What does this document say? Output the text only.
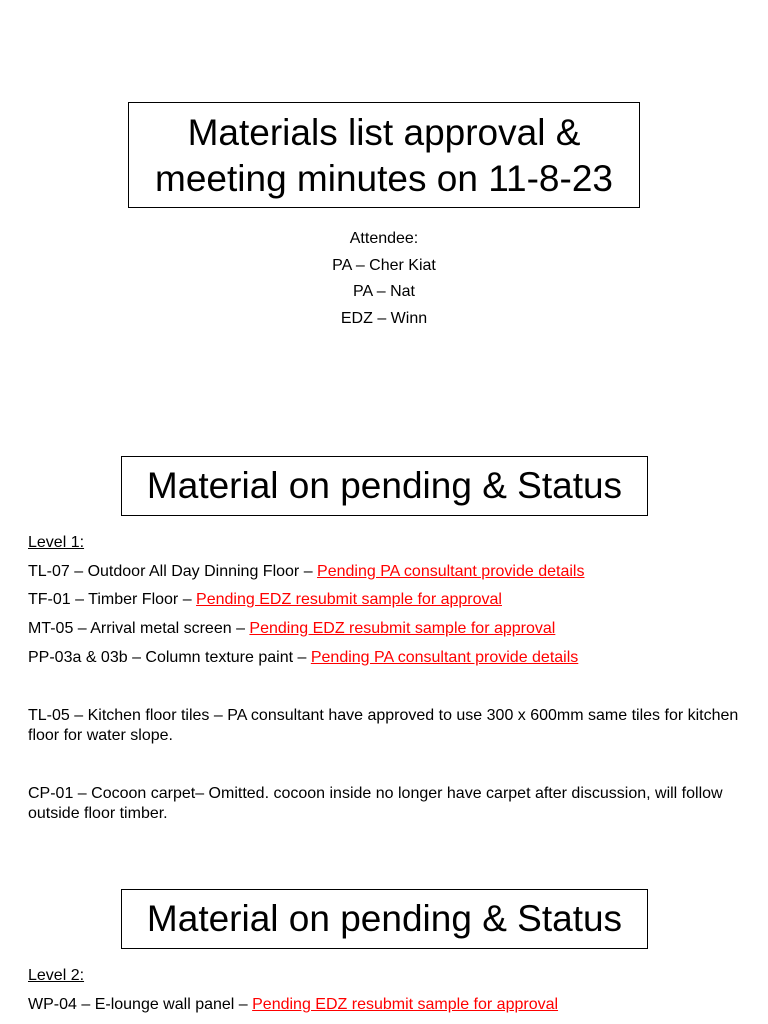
Materials list approval &
meeting minutes on 11-8-23
Attendee:
PA – Cher Kiat
PA – Nat
EDZ – Winn
Material on pending & Status
Level 1:
TL-07 – Outdoor All Day Dinning Floor – Pending PA consultant provide details
TF-01 – Timber Floor – Pending EDZ resubmit sample for approval
MT-05 – Arrival metal screen – Pending EDZ resubmit sample for approval
PP-03a & 03b – Column texture paint – Pending PA consultant provide details
TL-05 – Kitchen floor tiles – PA consultant have approved to use 300 x 600mm same tiles for kitchen floor for water slope.
CP-01 – Cocoon carpet– Omitted. cocoon inside no longer have carpet after discussion, will follow outside floor timber.
Material on pending & Status
Level 2:
WP-04 – E-lounge wall panel – Pending EDZ resubmit sample for approval
